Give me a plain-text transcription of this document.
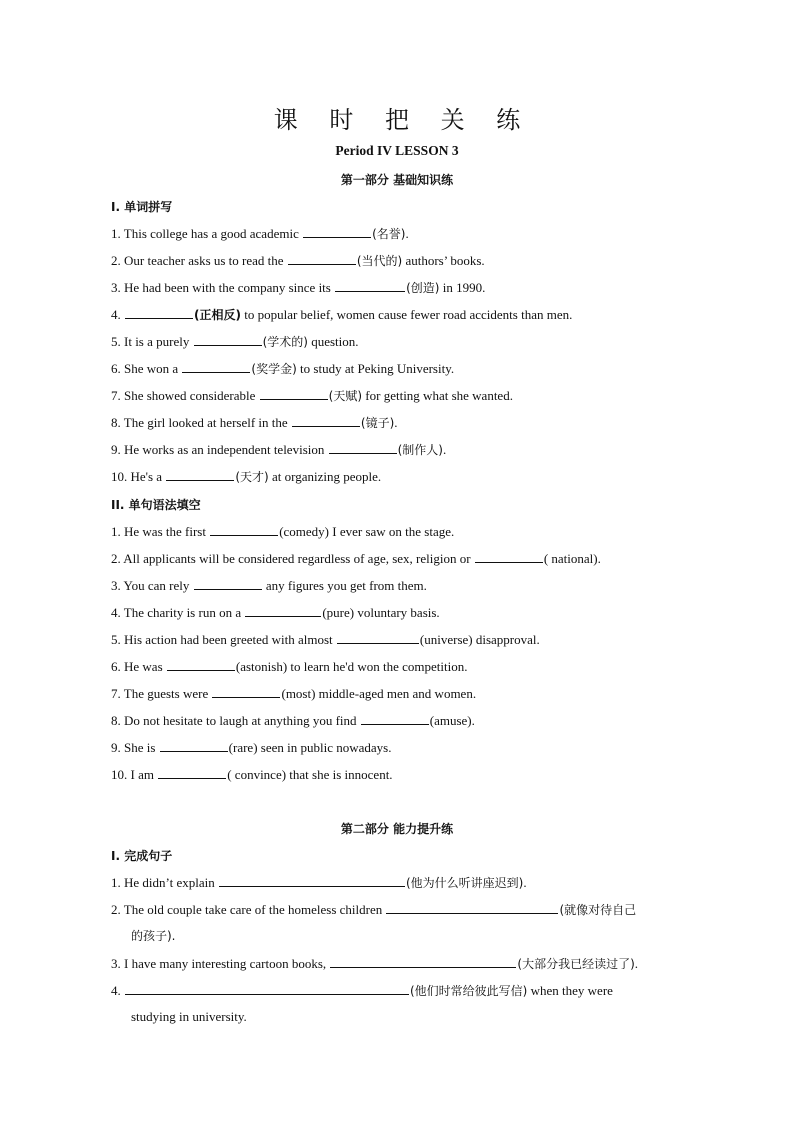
课 时 把 关 练
Period IV LESSON 3
第一部分 基础知识练
I. 单词拼写
1. This college has a good academic	(名誉).
2. Our teacher asks us to read the	(当代的) authors’ books.
3. He had been with the company since its	(创造) in 1990.
4.	(正相反) to popular belief, women cause fewer road accidents than men.
5. It is a purely	(学术的) question.
6. She won a	(奖学金) to study at Peking University.
7. She showed considerable	(天赋) for getting what she wanted.
8. The girl looked at herself in the	(镜子).
9. He works as an independent television	(制作人).
10. He's a	(天才) at organizing people.
II. 单句语法填空
1. He was the first	(comedy) I ever saw on the stage.
2. All applicants will be considered regardless of age, sex, religion or	( national).
3. You can rely	any figures you get from them.
4. The charity is run on a	(pure) voluntary basis.
5. His action had been greeted with almost	(universe) disapproval.
6. He was	(astonish) to learn he'd won the competition.
7. The guests were	(most) middle-aged men and women.
8. Do not hesitate to laugh at anything you find	(amuse).
9. She is	(rare) seen in public nowadays.
10. I am	( convince) that she is innocent.
第二部分 能力提升练
I. 完成句子
1. He didn’t explain	(他为什么听讲座迟到).
2. The old couple take care of the homeless children	(就像对待自己
的孩子).
3. I have many interesting cartoon books,	(大部分我已经读过了).
4.	(他们时常给彼此写信) when they were
studying in university.
